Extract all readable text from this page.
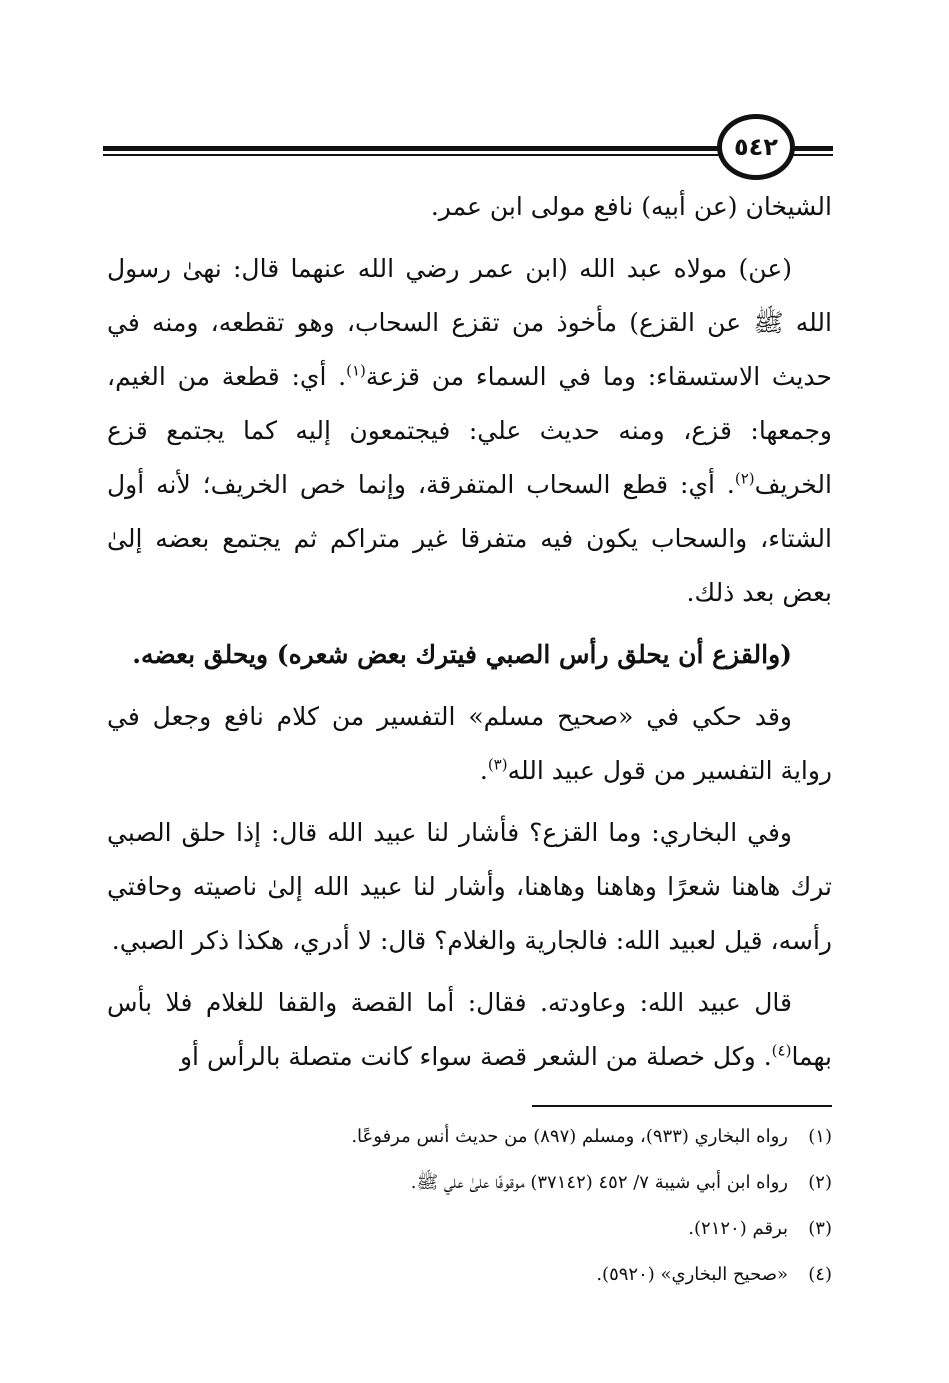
٥٤٢

الشيخان (عن أبيه) نافع مولى ابن عمر.

(عن) مولاه عبد الله (ابن عمر رضي الله عنهما قال: نهىٰ رسول الله ﷺ عن القزع) مأخوذ من تقزع السحاب، وهو تقطعه، ومنه في حديث الاستسقاء: وما في السماء من قزعة$^{(١)}$. أي: قطعة من الغيم، وجمعها: قزع، ومنه حديث علي: فيجتمعون إليه كما يجتمع قزع الخريف$^{(٢)}$. أي: قطع السحاب المتفرقة، وإنما خص الخريف؛ لأنه أول الشتاء، والسحاب يكون فيه متفرقا غير متراكم ثم يجتمع بعضه إلىٰ بعض بعد ذلك.

(والقزع أن يحلق رأس الصبي فيترك بعض شعره) ويحلق بعضه.

وقد حكي في «صحيح مسلم» التفسير من كلام نافع وجعل في رواية التفسير من قول عبيد الله$^{(٣)}$.

وفي البخاري: وما القزع؟ فأشار لنا عبيد الله قال: إذا حلق الصبي ترك هاهنا شعرًا وهاهنا وهاهنا، وأشار لنا عبيد الله إلىٰ ناصيته وحافتي رأسه، قيل لعبيد الله: فالجارية والغلام؟ قال: لا أدري، هكذا ذكر الصبي.

قال عبيد الله: وعاودته. فقال: أما القصة والقفا للغلام فلا بأس بهما$^{(٤)}$. وكل خصلة من الشعر قصة سواء كانت متصلة بالرأس أو

(١)
رواه البخاري (٩٣٣)، ومسلم (٨٩٧) من حديث أنس مرفوعًا.
(٢)
رواه ابن أبي شيبة ٧/ ٤٥٢ (٣٧١٤٢) موقوفًا علىٰ علي ﷺ.
(٣)
برقم (٢١٢٠).
(٤)
«صحيح البخاري» (٥٩٢٠).
